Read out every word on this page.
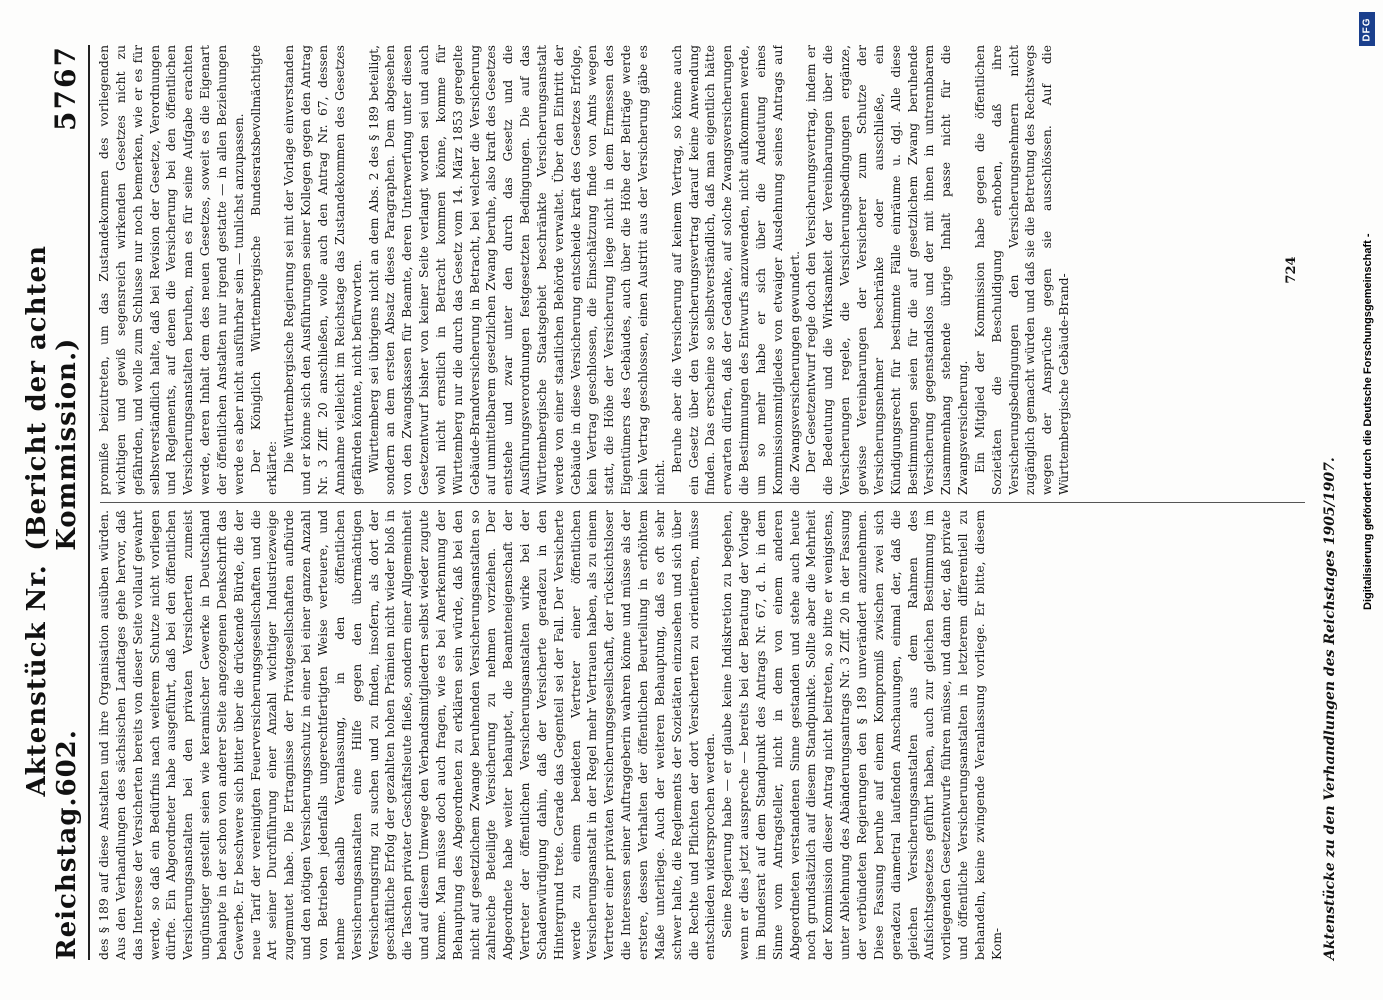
Reichstag.
Aktenstück Nr. 602.
(Bericht der achten Kommission.)
5767

des § 189 auf diese Anstalten und ihre Organisation ausüben würden. Aus den Verhandlungen des sächsischen Landtages gehe hervor, daß das Interesse der Versicherten bereits von dieser Seite vollauf gewahrt werde, so daß ein Bedürfnis nach weiterem Schutze nicht vorliegen dürfte. Ein Abgeordneter habe ausgeführt, daß bei den öffentlichen Versicherungsanstalten bei den privaten Versicherten zumeist ungünstiger gestellt seien wie keramischer Gewerke in Deutschland behaupte in der schon von anderer Seite angezogenen Denkschrift das Gewerbe. Er beschwere sich bitter über die drückende Bürde, die der neue Tarif der vereinigten Feuerversicherungsgesellschaften und die Art seiner Durchführung einer Anzahl wichtiger Industriezweige zugemutet habe. Die Ertragnisse der Privatgesellschaften aufbürde und den nötigen Versicherungsschutz in einer bei einer ganzen Anzahl von Betrieben jedenfalls ungerechtfertigten Weise verteuere, und nehme deshalb Veranlassung, in den öffentlichen Versicherungsanstalten eine Hilfe gegen den übermächtigen Versicherungsring zu suchen und zu finden, insofern, als dort der geschäftliche Erfolg der gezahlten hohen Prämien nicht wieder bloß in die Taschen privater Geschäftsleute fließe, sondern einer Allgemeinheit und auf diesem Umwege den Verbandsmitgliedern selbst wieder zugute komme. Man müsse doch auch fragen, wie es bei Anerkennung der Behauptung des Abgeordneten zu erklären sein würde, daß bei den nicht auf gesetzlichem Zwange beruhenden Versicherungsanstalten so zahlreiche Beteiligte Versicherung zu nehmen vorziehen. Der Abgeordnete habe weiter behauptet, die Beamteneigenschaft der Vertreter der öffentlichen Versicherungsanstalten wirke bei der Schadenwürdigung dahin, daß der Versicherte geradezu in den Hintergrund trete. Gerade das Gegenteil sei der Fall. Der Versicherte werde zu einem beeideten Vertreter einer öffentlichen Versicherungsanstalt in der Regel mehr Vertrauen haben, als zu einem Vertreter einer privaten Versicherungsgesellschaft, der rücksichtsloser die Interessen seiner Auftraggeberin wahren könne und müsse als der erstere, dessen Verhalten der öffentlichen Beurteilung in erhöhtem Maße unterliege. Auch der weiteren Behauptung, daß es oft sehr schwer halte, die Reglements der Sozietäten einzusehen und sich über die Rechte und Pflichten der dort Versicherten zu orientieren, müsse entschieden widersprochen werden. Seine Regierung habe — er glaube keine Indiskretion zu begehen, wenn er dies jetzt ausspreche — bereits bei der Beratung der Vorlage im Bundesrat auf dem Standpunkt des Antrags Nr. 67, d. h. in dem Sinne vom Antragsteller, nicht in dem von einem anderen Abgeordneten verstandenen Sinne gestanden und stehe auch heute noch grundsätzlich auf diesem Standpunkte. Sollte aber die Mehrheit der Kommission dieser Antrag nicht beitreten, so bitte er wenigstens, unter Ablehnung des Abänderungsantrags Nr. 3 Ziff. 20 in der Fassung der verbündeten Regierungen den § 189 unverändert anzunehmen. Diese Fassung beruhe auf einem Kompromiß zwischen zwei sich geradezu diametral laufenden Anschauungen, einmal der, daß die gleichen Versicherungsanstalten aus dem Rahmen des Aufsichtsgesetzes geführt haben, auch zur gleichen Bestimmung im vorliegenden Gesetzentwurfe führen müsse, und dann der, daß private und öffentliche Versicherungsanstalten in letzterem differentiell zu behandeln, keine zwingende Veranlassung vorliege. Er bitte, diesem Kom-

promiße beizutreten, um das Zustandekommen des vorliegenden wichtigen und gewiß segensreich wirkenden Gesetzes nicht zu gefährden, und wolle zum Schlusse nur noch bemerken, wie er es für selbstverständlich halte, daß bei Revision der Gesetze, Verordnungen und Reglements, auf denen die Versicherung bei den öffentlichen Versicherungsanstalten beruhen, man es für seine Aufgabe erachten werde, deren Inhalt dem des neuen Gesetzes, soweit es die Eigenart der öffentlichen Anstalten nur irgend gestatte — in allen Beziehungen werde es aber nicht ausführbar sein — tunlichst anzupassen. Der Königlich Württembergische Bundesratsbevollmächtigte erklärte: Die Württembergische Regierung sei mit der Vorlage einverstanden und er könne sich den Ausführungen seiner Kollegen gegen den Antrag Nr. 3 Ziff. 20 anschließen, wolle auch den Antrag Nr. 67, dessen Annahme vielleicht im Reichstage das Zustandekommen des Gesetzes gefährden könnte, nicht befürworten. Württemberg sei übrigens nicht an dem Abs. 2 des § 189 beteiligt, sondern an dem ersten Absatz dieses Paragraphen. Dem abgesehen von den Zwangskassen für Beamte, deren Unterwerfung unter diesen Gesetzentwurf bisher von keiner Seite verlangt worden sei und auch wohl nicht ernstlich in Betracht kommen könne, komme für Württemberg nur die durch das Gesetz vom 14. März 1853 geregelte Gebäude-Brandversicherung in Betracht, bei welcher die Versicherung auf unmittelbarem gesetzlichen Zwang beruhe, also kraft des Gesetzes entstehe und zwar unter den durch das Gesetz und die Ausführungsverordnungen festgesetzten Bedingungen. Die auf das Württembergische Staatsgebiet beschränkte Versicherungsanstalt werde von einer staatlichen Behörde verwaltet. Über den Eintritt der Gebäude in diese Versicherung entscheide kraft des Gesetzes Erfolge, kein Vertrag geschlossen, die Einschätzung finde von Amts wegen statt, die Höhe der Versicherung liege nicht in dem Ermessen des Eigentümers des Gebäudes, auch über die Höhe der Beiträge werde kein Vertrag geschlossen, einen Austritt aus der Versicherung gäbe es nicht.

Beruhe aber die Versicherung auf keinem Vertrag, so könne auch ein Gesetz über den Versicherungsvertrag darauf keine Anwendung finden. Das erscheine so selbstverständlich, daß man eigentlich hätte erwarten dürfen, daß der Gedanke, auf solche Zwangsversicherungen die Bestimmungen des Entwurfs anzuwenden, nicht aufkommen werde, um so mehr habe er sich über die Andeutung eines Kommissionsmitgliedes von etwaiger Ausdehnung seines Antrags auf die Zwangsversicherungen gewundert. Der Gesetzentwurf regle doch den Versicherungsvertrag, indem er die Bedeutung und die Wirksamkeit der Vereinbarungen über die Versicherungen regele, die Versicherungsbedingungen ergänze, gewisse Vereinbarungen der Versicherer zum Schutze der Versicherungsnehmer beschränke oder ausschließe, ein Kündigungsrecht für bestimmte Fälle einräume u. dgl. Alle diese Bestimmungen seien für die auf gesetzlichem Zwang beruhende Versicherung gegenstandslos und der mit ihnen in untrennbarem Zusammenhang stehende übrige Inhalt passe nicht für die Zwangsversicherung. Ein Mitglied der Kommission habe gegen die öffentlichen Sozietäten die Beschuldigung erhoben, daß ihre Versicherungsbedingungen den Versicherungsnehmern nicht zugänglich gemacht würden und daß sie die Betretung des Rechtswegs wegen der Ansprüche gegen sie ausschlössen. Auf die Württembergische Gebäude-Brand-

Aktenstücke zu den Verhandlungen des Reichstages 1905/1907.
724	Digitalisierung gefördert durch die Deutsche Forschungsgemeinschaft -
DFG
